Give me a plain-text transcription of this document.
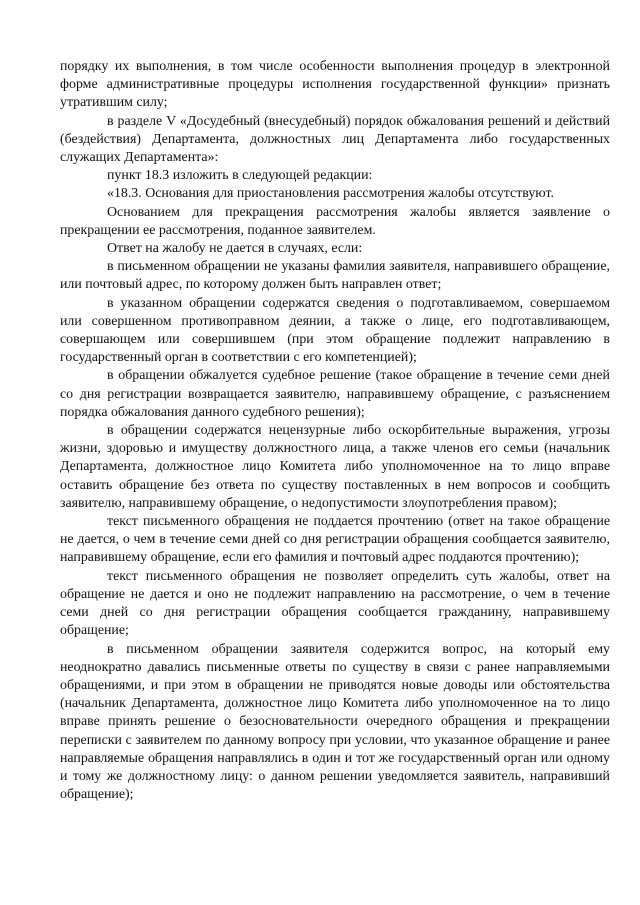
порядку их выполнения, в том числе особенности выполнения процедур в электронной форме административные процедуры исполнения государственной функции» признать утратившим силу;

в разделе V «Досудебный (внесудебный) порядок обжалования решений и действий (бездействия) Департамента, должностных лиц Департамента либо государственных служащих Департамента»:

пункт 18.3 изложить в следующей редакции:

«18.3. Основания для приостановления рассмотрения жалобы отсутствуют.

Основанием для прекращения рассмотрения жалобы является заявление о прекращении ее рассмотрения, поданное заявителем.

Ответ на жалобу не дается в случаях, если:

в письменном обращении не указаны фамилия заявителя, направившего обращение, или почтовый адрес, по которому должен быть направлен ответ;

в указанном обращении содержатся сведения о подготавливаемом, совершаемом или совершенном противоправном деянии, а также о лице, его подготавливающем, совершающем или совершившем (при этом обращение подлежит направлению в государственный орган в соответствии с его компетенцией);

в обращении обжалуется судебное решение (такое обращение в течение семи дней со дня регистрации возвращается заявителю, направившему обращение, с разъяснением порядка обжалования данного судебного решения);

в обращении содержатся нецензурные либо оскорбительные выражения, угрозы жизни, здоровью и имуществу должностного лица, а также членов его семьи (начальник Департамента, должностное лицо Комитета либо уполномоченное на то лицо вправе оставить обращение без ответа по существу поставленных в нем вопросов и сообщить заявителю, направившему обращение, о недопустимости злоупотребления правом);

текст письменного обращения не поддается прочтению (ответ на такое обращение не дается, о чем в течение семи дней со дня регистрации обращения сообщается заявителю, направившему обращение, если его фамилия и почтовый адрес поддаются прочтению);

текст письменного обращения не позволяет определить суть жалобы, ответ на обращение не дается и оно не подлежит направлению на рассмотрение, о чем в течение семи дней со дня регистрации обращения сообщается гражданину, направившему обращение;

в письменном обращении заявителя содержится вопрос, на который ему неоднократно давались письменные ответы по существу в связи с ранее направляемыми обращениями, и при этом в обращении не приводятся новые доводы или обстоятельства (начальник Департамента, должностное лицо Комитета либо уполномоченное на то лицо вправе принять решение о безосновательности очередного обращения и прекращении переписки с заявителем по данному вопросу при условии, что указанное обращение и ранее направляемые обращения направлялись в один и тот же государственный орган или одному и тому же должностному лицу: о данном решении уведомляется заявитель, направивший обращение);
